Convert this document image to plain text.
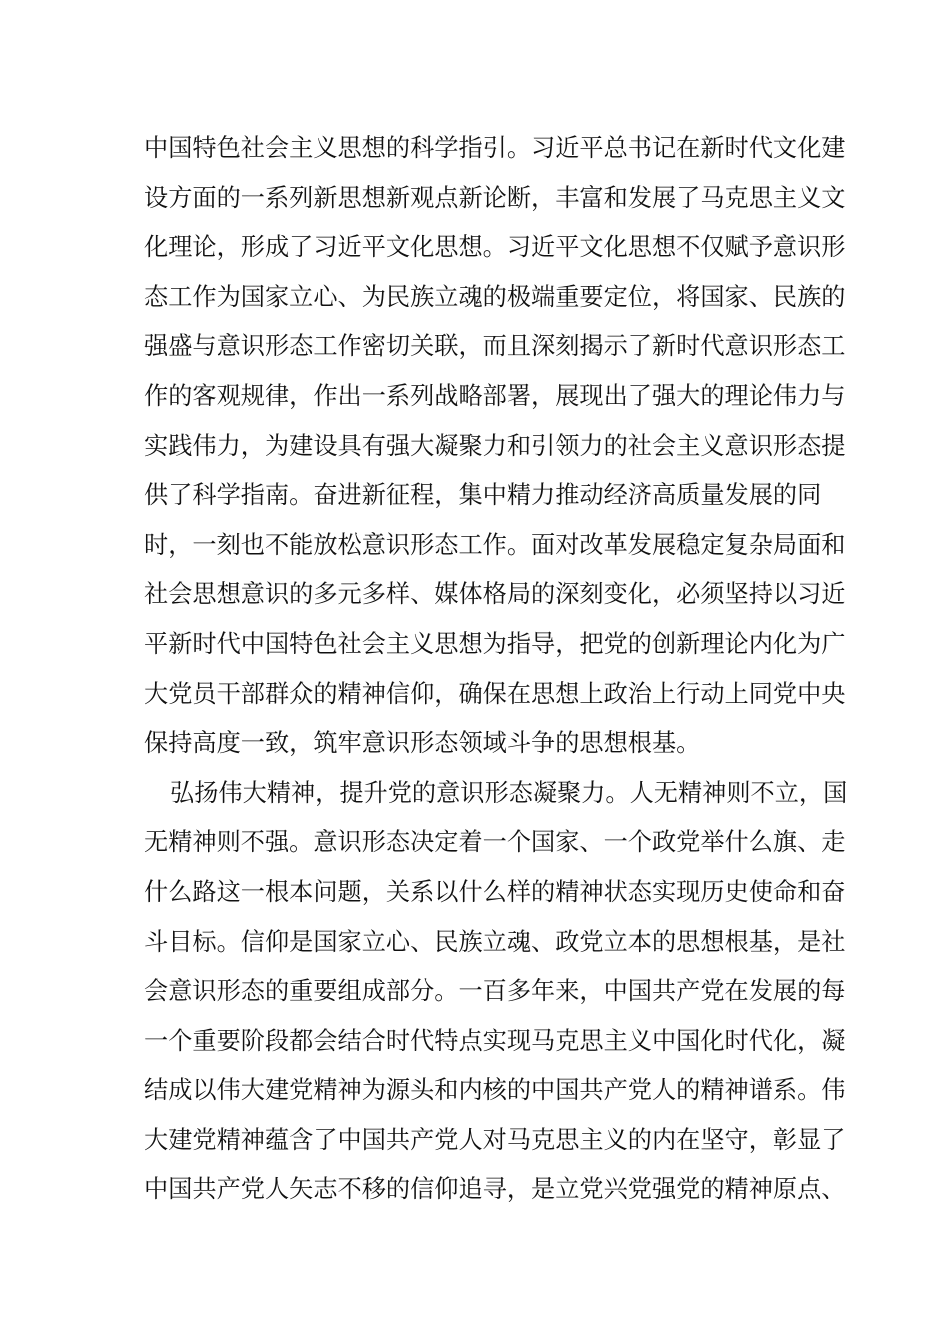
中国特色社会主义思想的科学指引。习近平总书记在新时代文化建
设方面的一系列新思想新观点新论断，丰富和发展了马克思主义文
化理论，形成了习近平文化思想。习近平文化思想不仅赋予意识形
态工作为国家立心、为民族立魂的极端重要定位，将国家、民族的
强盛与意识形态工作密切关联，而且深刻揭示了新时代意识形态工
作的客观规律，作出一系列战略部署，展现出了强大的理论伟力与
实践伟力，为建设具有强大凝聚力和引领力的社会主义意识形态提
供了科学指南。奋进新征程，集中精力推动经济高质量发展的同
时，一刻也不能放松意识形态工作。面对改革发展稳定复杂局面和
社会思想意识的多元多样、媒体格局的深刻变化，必须坚持以习近
平新时代中国特色社会主义思想为指导，把党的创新理论内化为广
大党员干部群众的精神信仰，确保在思想上政治上行动上同党中央
保持高度一致，筑牢意识形态领域斗争的思想根基。
弘扬伟大精神，提升党的意识形态凝聚力。人无精神则不立，国
无精神则不强。意识形态决定着一个国家、一个政党举什么旗、走
什么路这一根本问题，关系以什么样的精神状态实现历史使命和奋
斗目标。信仰是国家立心、民族立魂、政党立本的思想根基，是社
会意识形态的重要组成部分。一百多年来，中国共产党在发展的每
一个重要阶段都会结合时代特点实现马克思主义中国化时代化，凝
结成以伟大建党精神为源头和内核的中国共产党人的精神谱系。伟
大建党精神蕴含了中国共产党人对马克思主义的内在坚守，彰显了
中国共产党人矢志不移的信仰追寻，是立党兴党强党的精神原点、
